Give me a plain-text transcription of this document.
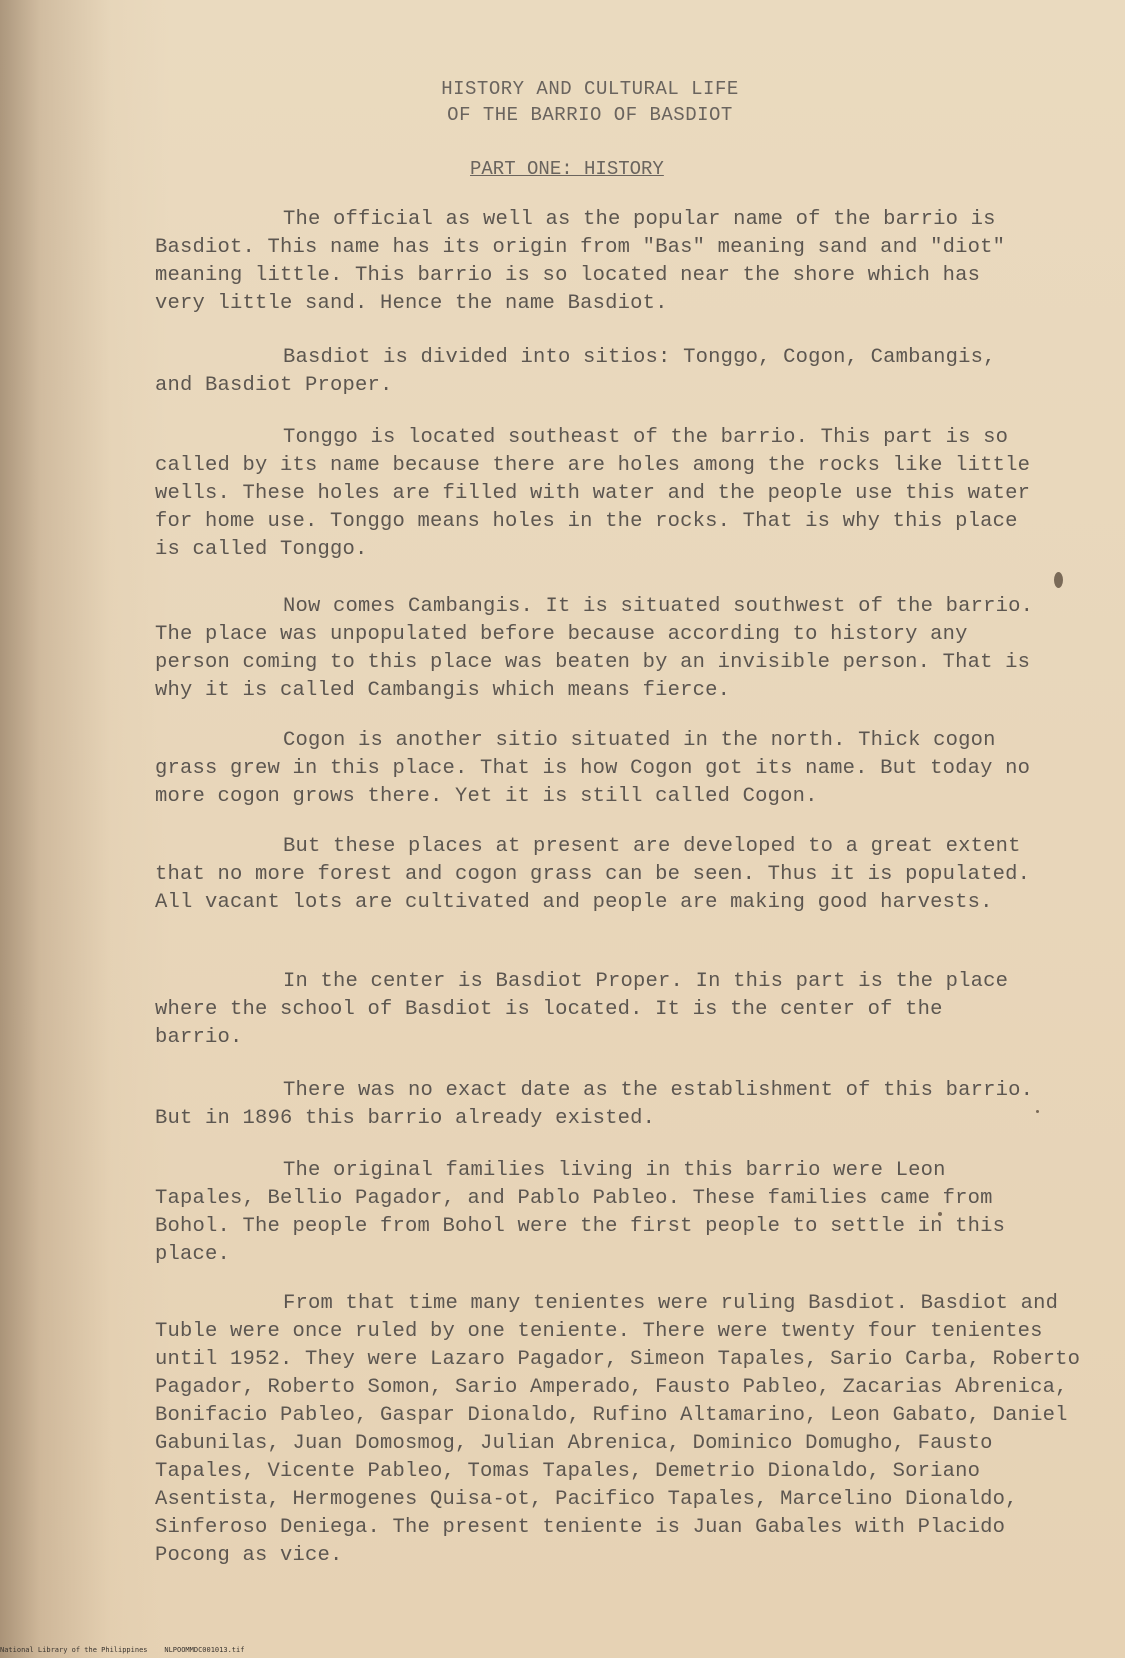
HISTORY AND CULTURAL LIFE
OF THE BARRIO OF BASDIOT
PART ONE: HISTORY

The official as well as the popular name of the barrio is Basdiot. This name has its origin from "Bas" meaning sand and "diot" meaning little. This barrio is so located near the shore which has very little sand. Hence the name Basdiot.

Basdiot is divided into sitios: Tonggo, Cogon, Cambangis, and Basdiot Proper.

Tonggo is located southeast of the barrio. This part is so called by its name because there are holes among the rocks like little wells. These holes are filled with water and the people use this water for home use. Tonggo means holes in the rocks. That is why this place is called Tonggo.

Now comes Cambangis. It is situated southwest of the barrio. The place was unpopulated before because according to history any person coming to this place was beaten by an invisible person. That is why it is called Cambangis which means fierce.

Cogon is another sitio situated in the north. Thick cogon grass grew in this place. That is how Cogon got its name. But today no more cogon grows there. Yet it is still called Cogon.

But these places at present are developed to a great extent that no more forest and cogon grass can be seen. Thus it is populated. All vacant lots are cultivated and people are making good harvests.

In the center is Basdiot Proper. In this part is the place where the school of Basdiot is located. It is the center of the barrio.

There was no exact date as the establishment of this barrio. But in 1896 this barrio already existed.

The original families living in this barrio were Leon Tapales, Bellio Pagador, and Pablo Pableo. These families came from Bohol. The people from Bohol were the first people to settle in this place.

From that time many tenientes were ruling Basdiot. Basdiot and Tuble were once ruled by one teniente. There were twenty four tenientes until 1952. They were Lazaro Pagador, Simeon Tapales, Sario Carba, Roberto Pagador, Roberto Somon, Sario Amperado, Fausto Pableo, Zacarias Abrenica, Bonifacio Pableo, Gaspar Dionaldo, Rufino Altamarino, Leon Gabato, Daniel Gabunilas, Juan Domosmog, Julian Abrenica, Dominico Domugho, Fausto Tapales, Vicente Pableo, Tomas Tapales, Demetrio Dionaldo, Soriano Asentista, Hermogenes Quisa-ot, Pacifico Tapales, Marcelino Dionaldo, Sinferoso Deniega. The present teniente is Juan Gabales with Placido Pocong as vice.

National Library of the Philippines    NLPOOMMDC001013.tif
